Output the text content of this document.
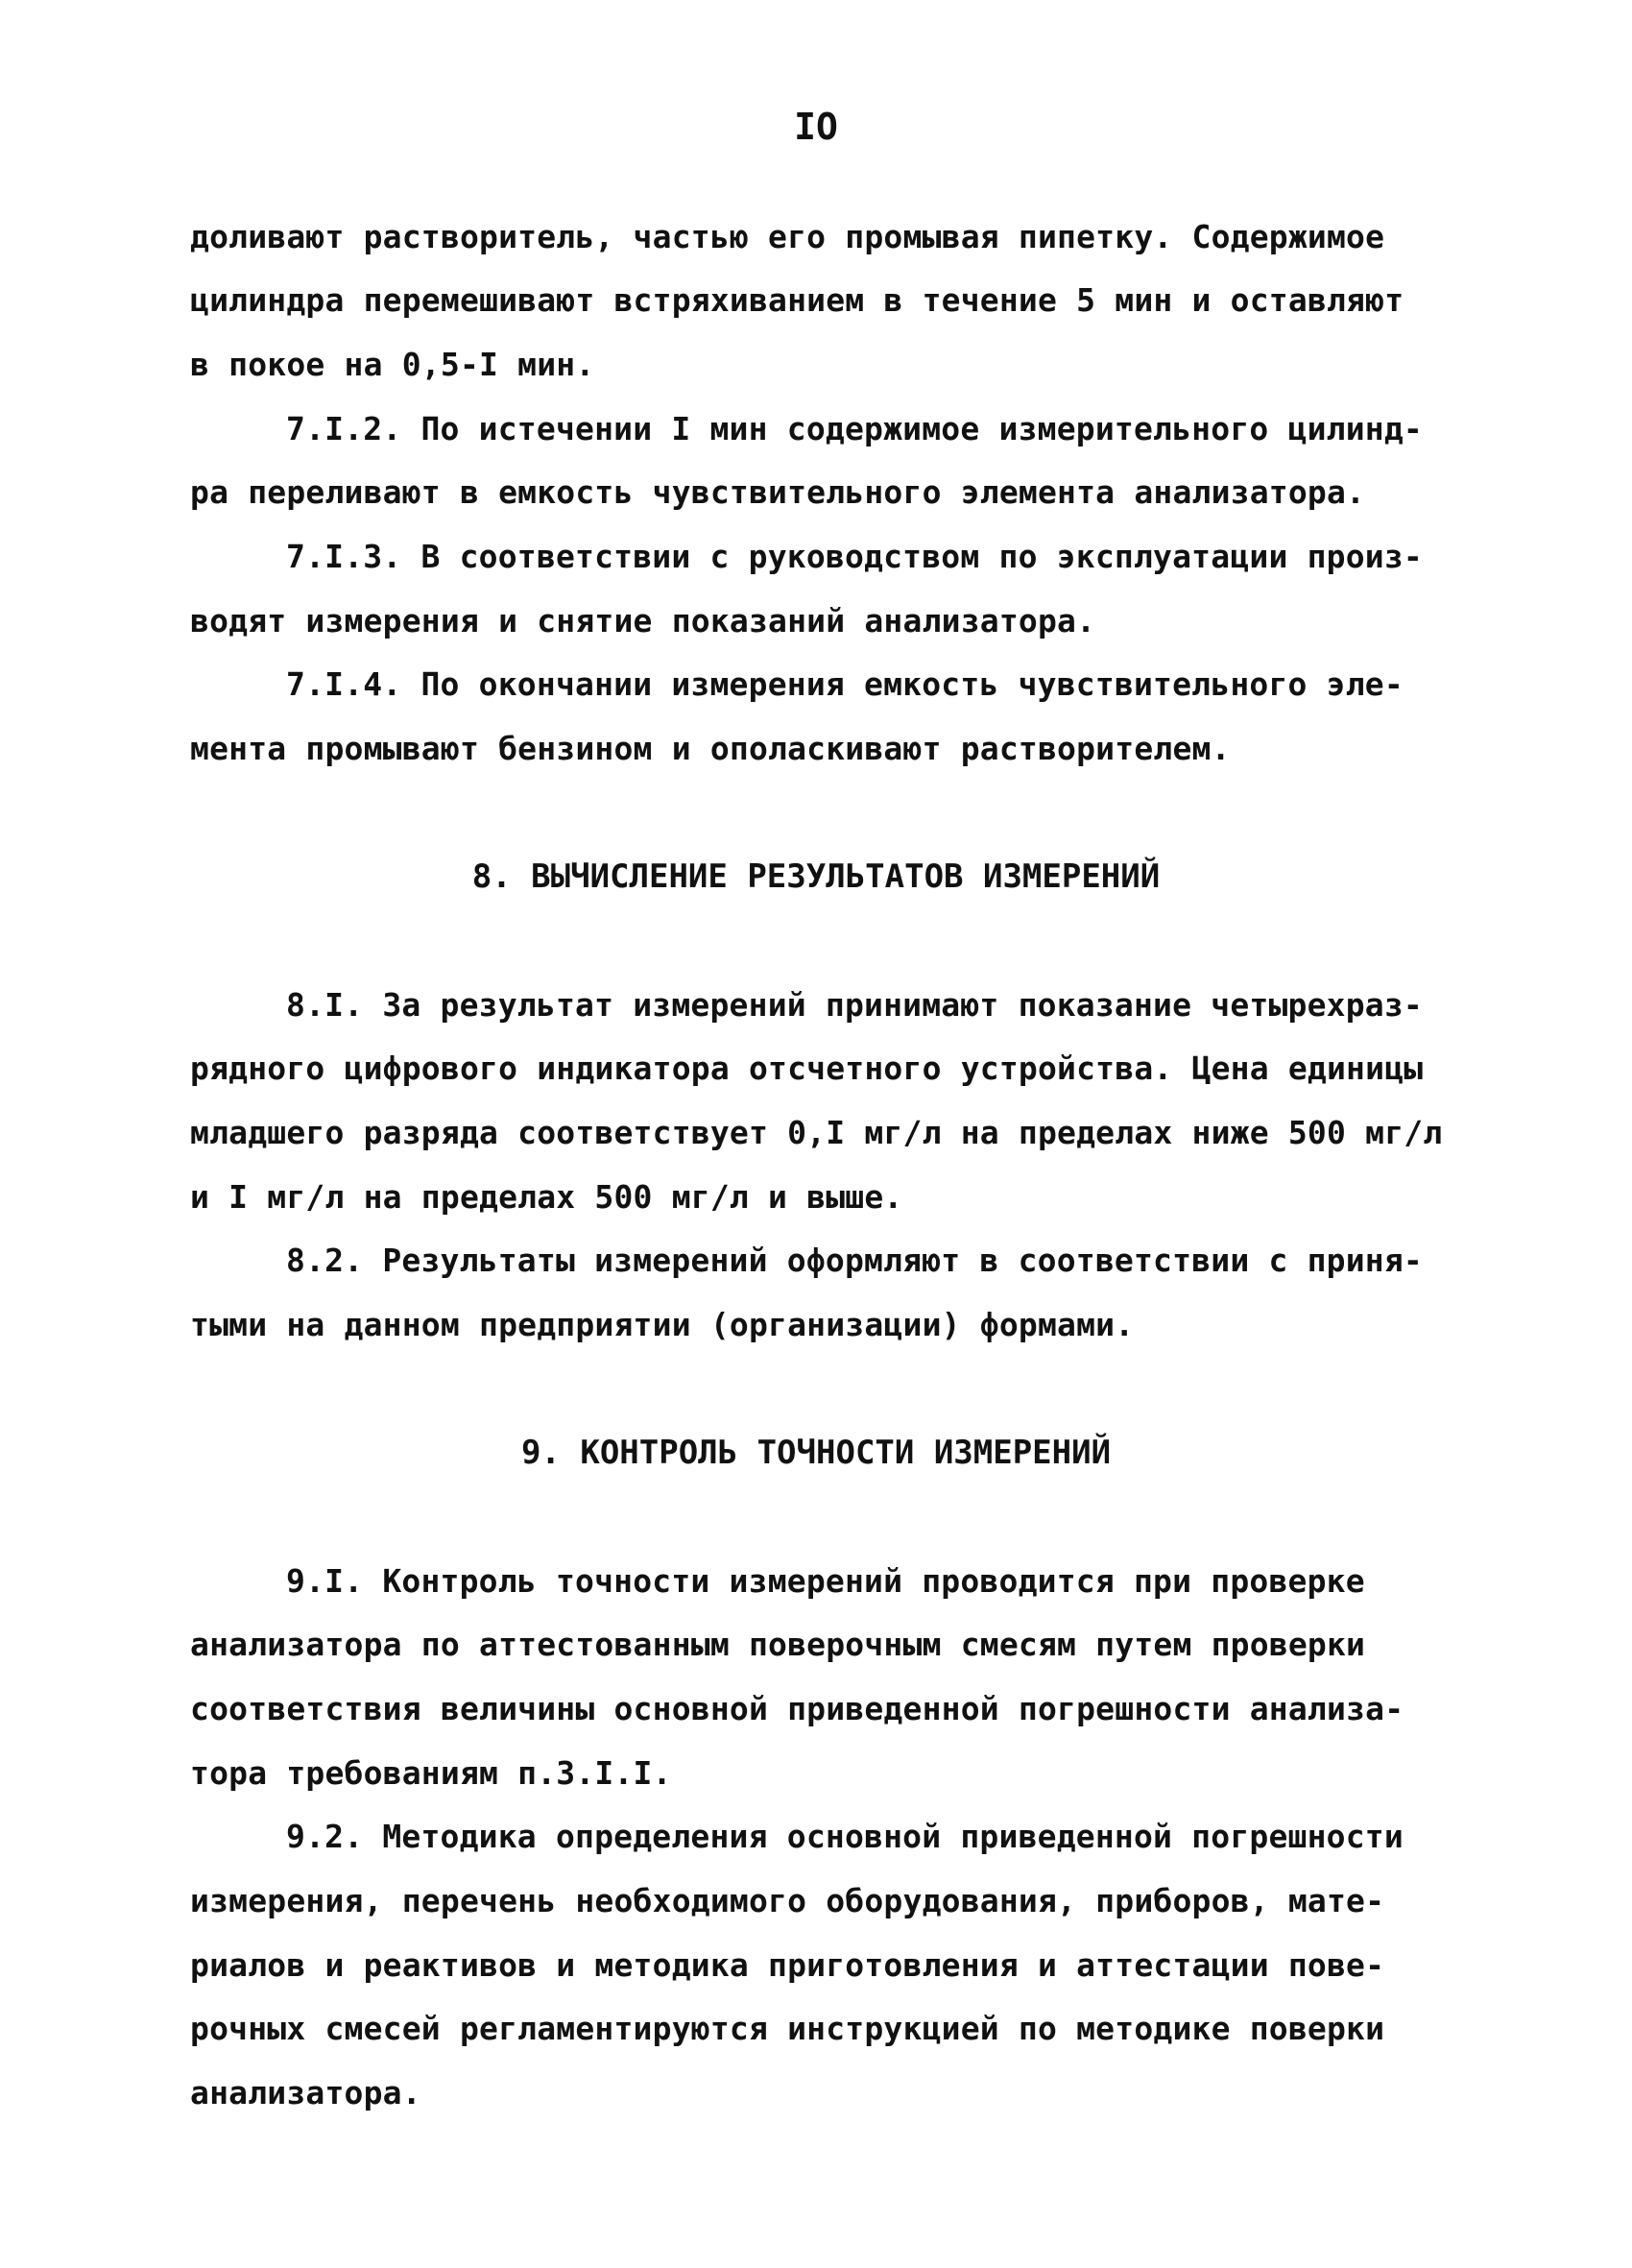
IO
доливают растворитель, частью его промывая пипетку. Содержимое
цилиндра перемешивают встряхиванием в течение 5 мин и оставляют
в покое на 0,5-I мин.
7.I.2. По истечении I мин содержимое измерительного цилинд-
ра переливают в емкость чувствительного элемента анализатора.
7.I.3. В соответствии с руководством по эксплуатации произ-
водят измерения и снятие показаний анализатора.
7.I.4. По окончании измерения емкость чувствительного эле-
мента промывают бензином и ополаскивают растворителем.
8. ВЫЧИСЛЕНИЕ РЕЗУЛЬТАТОВ ИЗМЕРЕНИЙ
8.I. За результат измерений принимают показание четырехраз-
рядного цифрового индикатора отсчетного устройства. Цена единицы
младшего разряда соответствует 0,I мг/л на пределах ниже 500 мг/л
и I мг/л на пределах 500 мг/л и выше.
8.2. Результаты измерений оформляют в соответствии с приня-
тыми на данном предприятии (организации) формами.
9. КОНТРОЛЬ ТОЧНОСТИ ИЗМЕРЕНИЙ
9.I. Контроль точности измерений проводится при проверке
анализатора по аттестованным поверочным смесям путем проверки
соответствия величины основной приведенной погрешности анализа-
тора требованиям п.3.I.I.
9.2. Методика определения основной приведенной погрешности
измерения, перечень необходимого оборудования, приборов, мате-
риалов и реактивов и методика приготовления и аттестации пове-
рочных смесей регламентируются инструкцией по методике поверки
анализатора.
